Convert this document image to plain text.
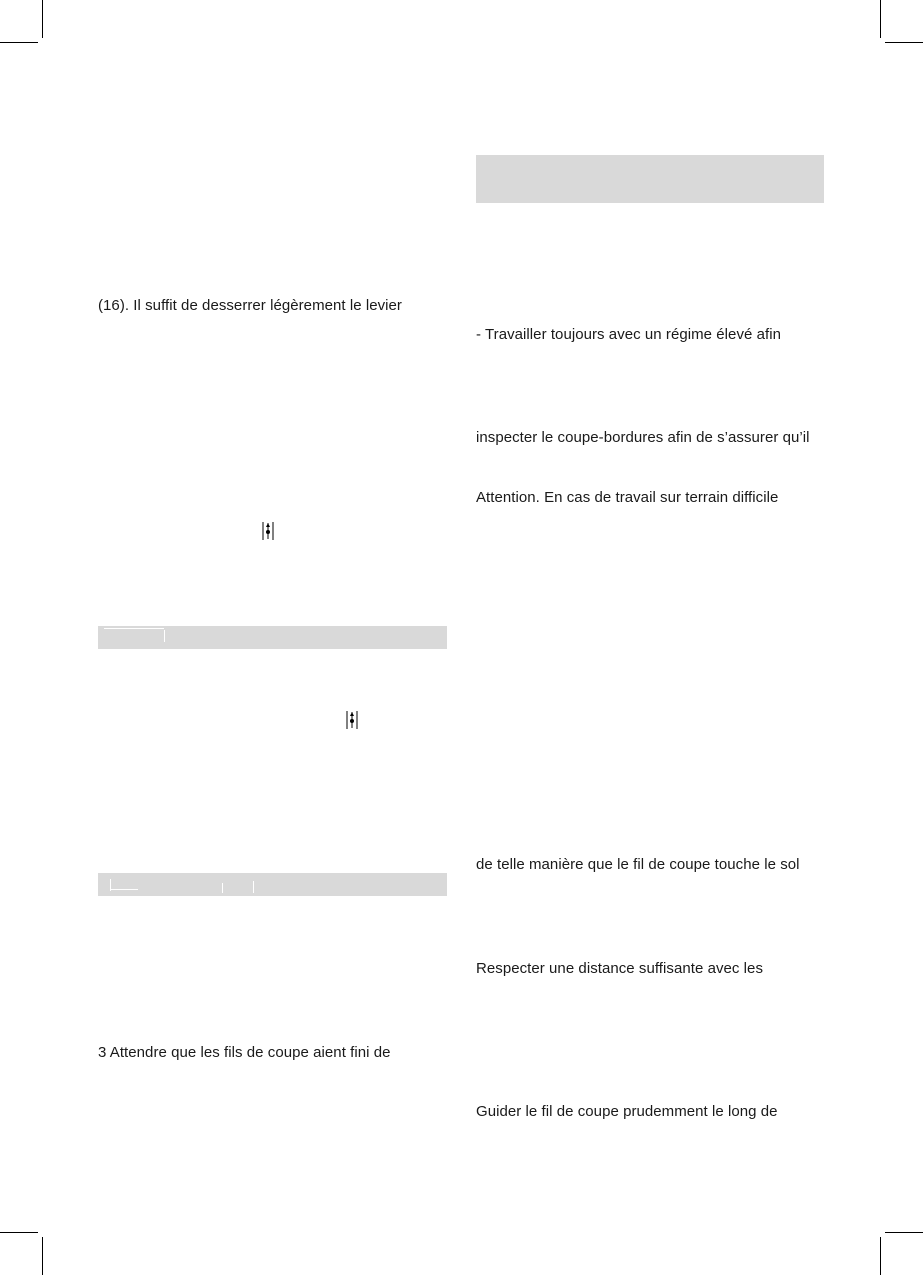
(16). Il suffit de desserrer légèrement le levier
3 Attendre que les fils de coupe aient fini de
- Travailler toujours avec un régime élevé afin
inspecter le coupe-bordures afin de s’assurer qu’il
Attention. En cas de travail sur terrain difficile
de telle manière que le fil de coupe touche le sol
Respecter une distance suffisante avec les
Guider le fil de coupe prudemment le long de
